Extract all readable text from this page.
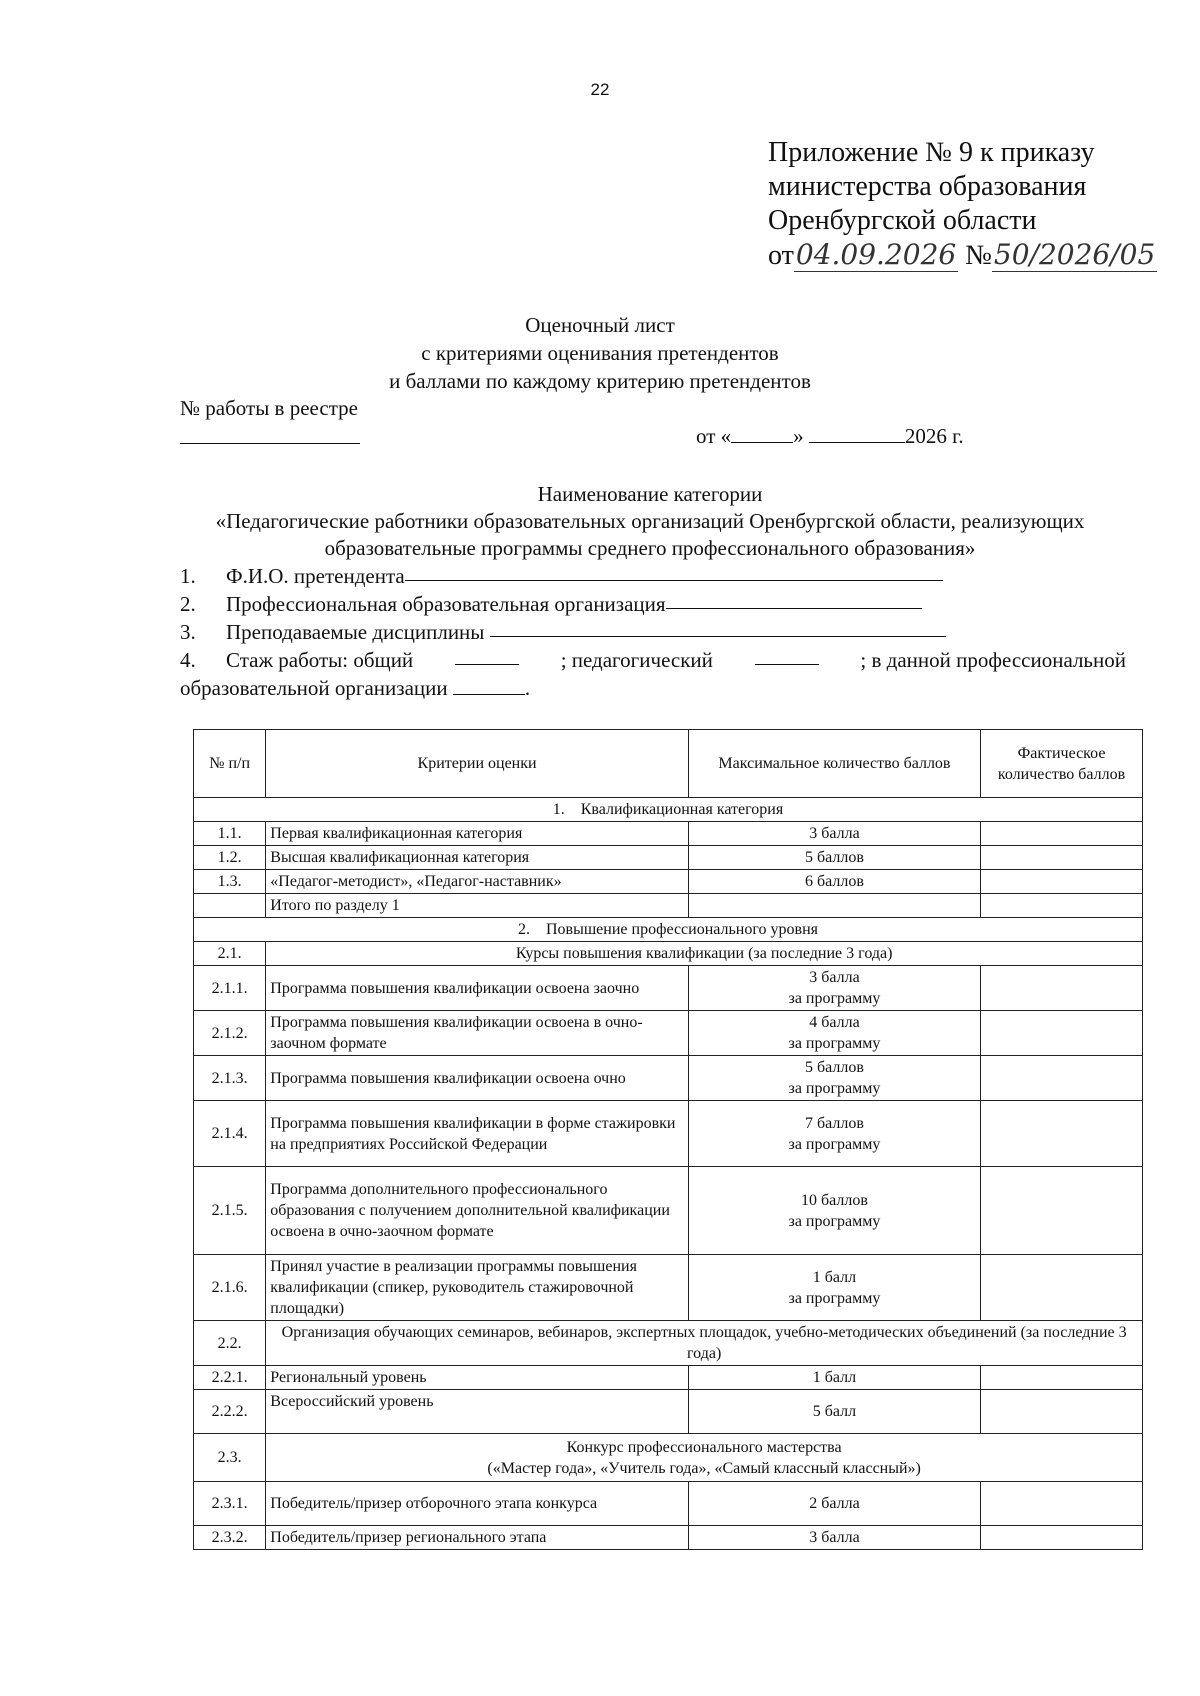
22
Приложение № 9 к приказу
министерства образования
Оренбургской области
от04.09.2026 №50/2026/05
Оценочный лист
с критериями оценивания претендентов
и баллами по каждому критерию претендентов
№ работы в реестре
от «	»	2026 г.
Наименование категории
«Педагогические работники образовательных организаций Оренбургской области, реализующих образовательные программы среднего профессионального образования»
1.	Ф.И.О. претендента
2.	Профессиональная образовательная организация
3.	Преподаваемые дисциплины

4.	Стаж работы: общий	; педагогический	; в данной профессиональной
образовательной организации	.
№ п/п	Критерии оценки	Максимальное количество баллов	Фактическое количество баллов
1.    Квалификационная категория			
1.1.	Первая квалификационная категория	3 балла	
1.2.	Высшая квалификационная категория	5 баллов	
1.3.	«Педагог-методист», «Педагог-наставник»	6 баллов	
	Итого по разделу 1		
2.    Повышение профессионального уровня			
2.1.	Курсы повышения квалификации (за последние 3 года)		
2.1.1.	Программа повышения квалификации освоена заочно	3 балла
за программу	

2.1.2.	Программа повышения квалификации освоена в очно-заочном формате	4 балла
за программу	

2.1.3.	Программа повышения квалификации освоена очно	5 баллов
за программу	

2.1.4.	Программа повышения квалификации в форме стажировки на предприятиях Российской Федерации	7 баллов
за программу	

2.1.5.	Программа дополнительного профессионального образования с получением дополнительной квалификации освоена в очно-заочном формате	10 баллов
за программу	

2.1.6.	Принял участие в реализации программы повышения квалификации (спикер, руководитель стажировочной площадки)	1 балл
за программу	

2.2.	Организация обучающих семинаров, вебинаров, экспертных площадок, учебно-методических объединений (за последние 3 года)		
2.2.1.	Региональный уровень	1 балл	
2.2.2.	Всероссийский уровень	5 балл	
2.3.	Конкурс профессионального мастерства
(«Мастер года», «Учитель года», «Самый классный классный»)		

2.3.1.	Победитель/призер отборочного этапа конкурса	2 балла	
2.3.2.	Победитель/призер регионального этапа	3 балла	
